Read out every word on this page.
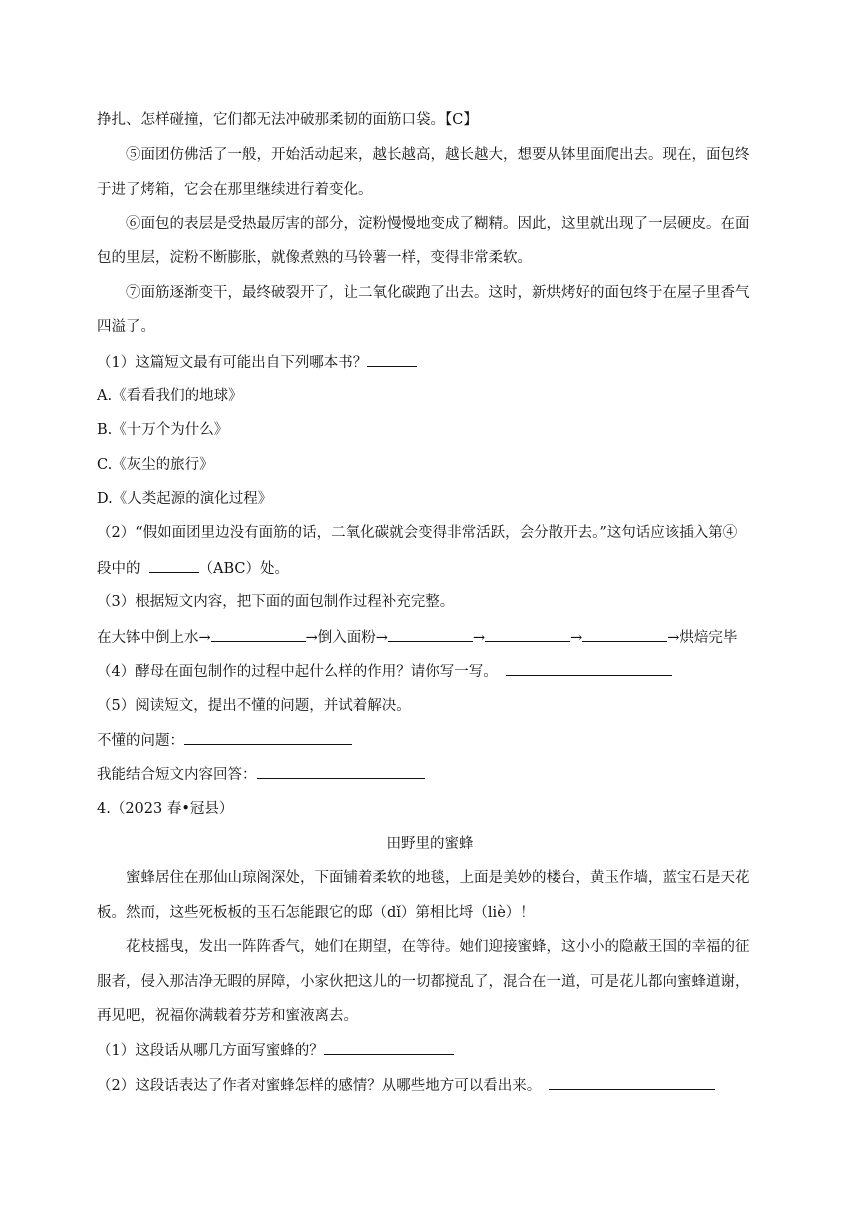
挣扎、怎样碰撞，它们都无法冲破那柔韧的面筋口袋。【C】
⑤面团仿佛活了一般，开始活动起来，越长越高，越长越大，想要从钵里面爬出去。现在，面包终
于进了烤箱，它会在那里继续进行着变化。
⑥面包的表层是受热最厉害的部分，淀粉慢慢地变成了糊精。因此，这里就出现了一层硬皮。在面
包的里层，淀粉不断膨胀，就像煮熟的马铃薯一样，变得非常柔软。
⑦面筋逐渐变干，最终破裂开了，让二氧化碳跑了出去。这时，新烘烤好的面包终于在屋子里香气
四溢了。
（1）这篇短文最有可能出自下列哪本书？
A.《看看我们的地球》
B.《十万个为什么》
C.《灰尘的旅行》
D.《人类起源的演化过程》
（2）“假如面团里边没有面筋的话，二氧化碳就会变得非常活跃，会分散开去。”这句话应该插入第④
段中的	（ABC）处。
（3）根据短文内容，把下面的面包制作过程补充完整。
在大钵中倒上水→	→倒入面粉→	→	→	→烘焙完毕
（4）酵母在面包制作的过程中起什么样的作用？请你写一写。
（5）阅读短文，提出不懂的问题，并试着解决。
不懂的问题：
我能结合短文内容回答：
4.（2023 春•冠县）
田野里的蜜蜂
蜜蜂居住在那仙山琼阁深处，下面铺着柔软的地毯，上面是美妙的楼台，黄玉作墙，蓝宝石是天花
板。然而，这些死板板的玉石怎能跟它的邸（dǐ）第相比埒（liè）！
花枝摇曳，发出一阵阵香气，她们在期望，在等待。她们迎接蜜蜂，这小小的隐蔽王国的幸福的征
服者，侵入那洁净无暇的屏障，小家伙把这儿的一切都搅乱了，混合在一道，可是花儿都向蜜蜂道谢，
再见吧，祝福你满载着芬芳和蜜液离去。
（1）这段话从哪几方面写蜜蜂的？
（2）这段话表达了作者对蜜蜂怎样的感情？从哪些地方可以看出来。
